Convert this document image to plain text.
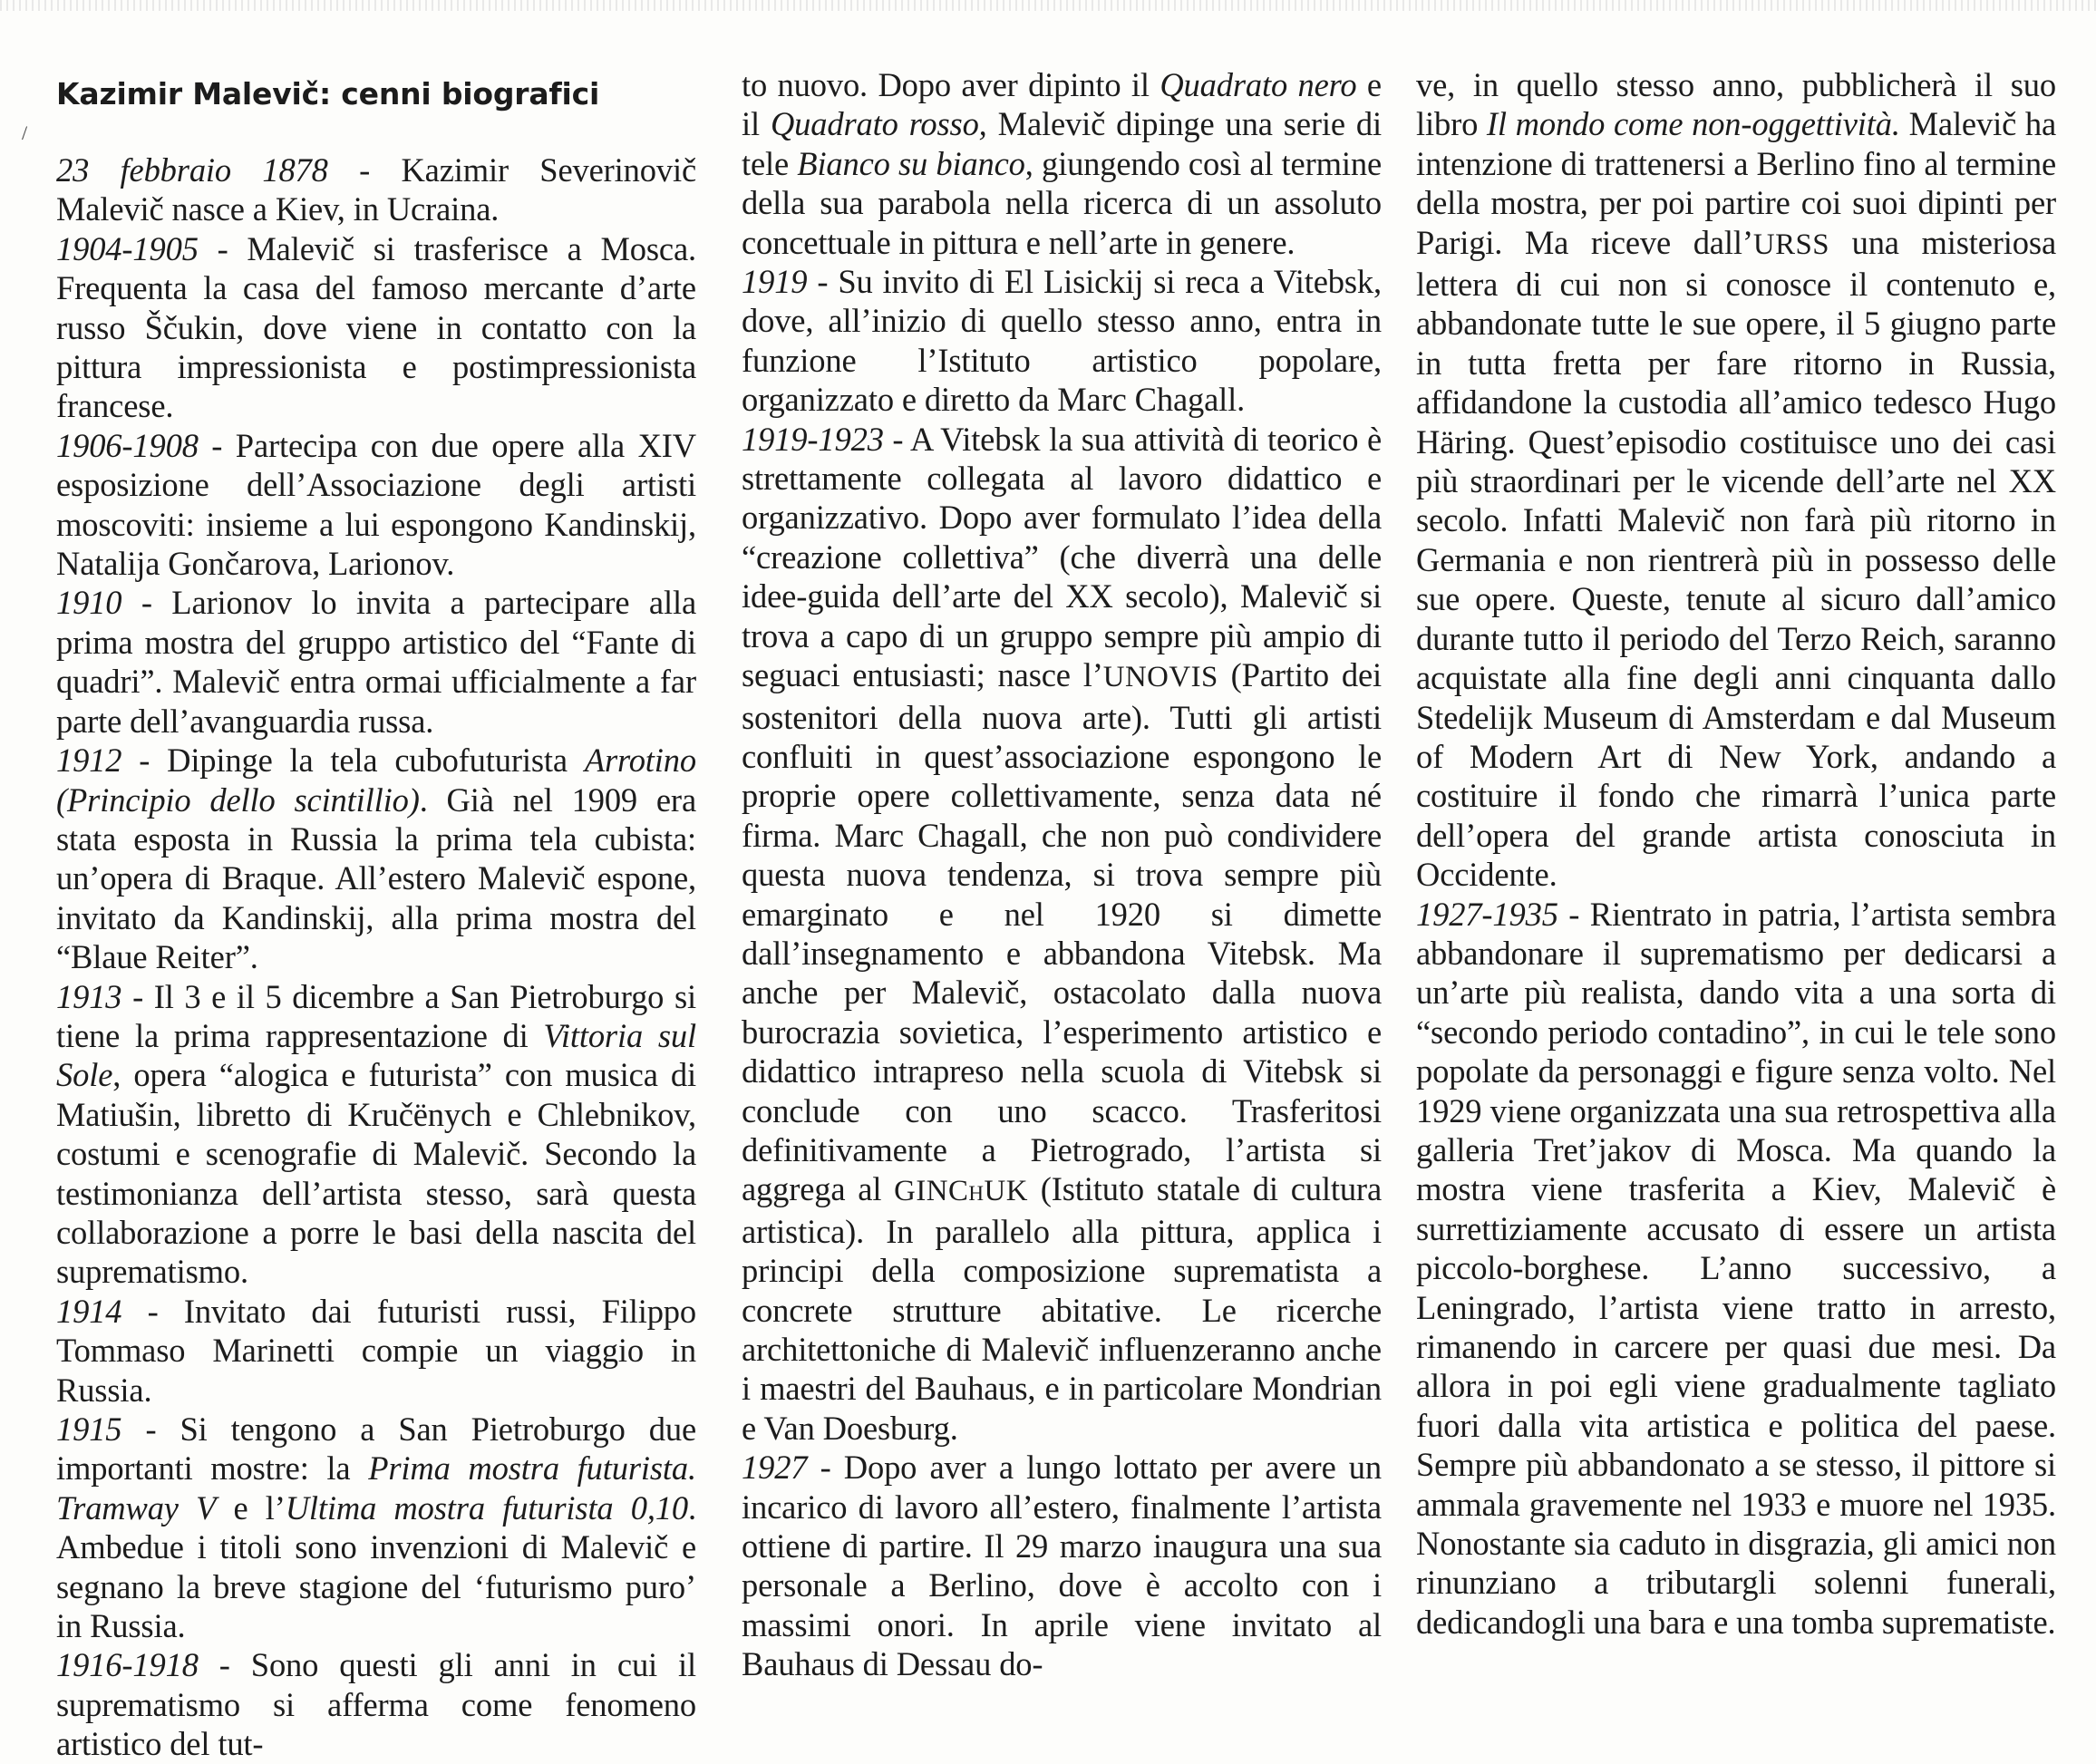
/
Kazimir Malevič: cenni biografici

23 febbraio 1878 - Kazimir Severinovič Malevič nasce a Kiev, in Ucraina.

1904-1905 - Malevič si trasferisce a Mosca. Frequenta la casa del famoso mercante d’arte russo Ščukin, dove viene in contatto con la pittura impressionista e postimpressionista francese.

1906-1908 - Partecipa con due opere alla XIV esposizione dell’Associazione degli artisti moscoviti: insieme a lui espongono Kandinskij, Natalija Gončarova, Larionov.

1910 - Larionov lo invita a partecipare alla prima mostra del gruppo artistico del “Fante di quadri”. Malevič entra ormai ufficialmente a far parte dell’avanguardia russa.

1912 - Dipinge la tela cubofuturista Arrotino (Principio dello scintillio). Già nel 1909 era stata esposta in Russia la prima tela cubista: un’opera di Braque. All’estero Malevič espone, invitato da Kandinskij, alla prima mostra del “Blaue Reiter”.

1913 - Il 3 e il 5 dicembre a San Pietroburgo si tiene la prima rappresentazione di Vittoria sul Sole, opera “alogica e futurista” con musica di Matiušin, libretto di Kručënych e Chlebnikov, costumi e scenografie di Malevič. Secondo la testimonianza dell’artista stesso, sarà questa collaborazione a porre le basi della nascita del suprematismo.

1914 - Invitato dai futuristi russi, Filippo Tommaso Marinetti compie un viaggio in Russia.

1915 - Si tengono a San Pietroburgo due importanti mostre: la Prima mostra futurista. Tramway V e l’Ultima mostra futurista 0,10. Ambedue i titoli sono invenzioni di Malevič e segnano la breve stagione del ‘futurismo puro’ in Russia.

1916-1918 - Sono questi gli anni in cui il suprematismo si afferma come fenomeno artistico del tut-

to nuovo. Dopo aver dipinto il Quadrato nero e il Quadrato rosso, Malevič dipinge una serie di tele Bianco su bianco, giungendo così al termine della sua parabola nella ricerca di un assoluto concettuale in pittura e nell’arte in genere.

1919 - Su invito di El Lisickij si reca a Vitebsk, dove, all’inizio di quello stesso anno, entra in funzione l’Istituto artistico popolare, organizzato e diretto da Marc Chagall.

1919-1923 - A Vitebsk la sua attività di teorico è strettamente collegata al lavoro didattico e organizzativo. Dopo aver formulato l’idea della “creazione collettiva” (che diverrà una delle idee-guida dell’arte del XX secolo), Malevič si trova a capo di un gruppo sempre più ampio di seguaci entusiasti; nasce l’UNOVIS (Partito dei sostenitori della nuova arte). Tutti gli artisti confluiti in quest’associazione espongono le proprie opere collettivamente, senza data né firma. Marc Chagall, che non può condividere questa nuova tendenza, si trova sempre più emarginato e nel 1920 si dimette dall’insegnamento e abbandona Vitebsk. Ma anche per Malevič, ostacolato dalla nuova burocrazia sovietica, l’esperimento artistico e didattico intrapreso nella scuola di Vitebsk si conclude con uno scacco. Trasferitosi definitivamente a Pietrogrado, l’artista si aggrega al GINChUK (Istituto statale di cultura artistica). In parallelo alla pittura, applica i principi della composizione suprematista a concrete strutture abitative. Le ricerche architettoniche di Malevič influenzeranno anche i maestri del Bauhaus, e in particolare Mondrian e Van Doesburg.

1927 - Dopo aver a lungo lottato per avere un incarico di lavoro all’estero, finalmente l’artista ottiene di partire. Il 29 marzo inaugura una sua personale a Berlino, dove è accolto con i massimi onori. In aprile viene invitato al Bauhaus di Dessau do-

ve, in quello stesso anno, pubblicherà il suo libro Il mondo come non-oggettività. Malevič ha intenzione di trattenersi a Berlino fino al termine della mostra, per poi partire coi suoi dipinti per Parigi. Ma riceve dall’URSS una misteriosa lettera di cui non si conosce il contenuto e, abbandonate tutte le sue opere, il 5 giugno parte in tutta fretta per fare ritorno in Russia, affidandone la custodia all’amico tedesco Hugo Häring. Quest’episodio costituisce uno dei casi più straordinari per le vicende dell’arte nel XX secolo. Infatti Malevič non farà più ritorno in Germania e non rientrerà più in possesso delle sue opere. Queste, tenute al sicuro dall’amico durante tutto il periodo del Terzo Reich, saranno acquistate alla fine degli anni cinquanta dallo Stedelijk Museum di Amsterdam e dal Museum of Modern Art di New York, andando a costituire il fondo che rimarrà l’unica parte dell’opera del grande artista conosciuta in Occidente.

1927-1935 - Rientrato in patria, l’artista sembra abbandonare il suprematismo per dedicarsi a un’arte più realista, dando vita a una sorta di “secondo periodo contadino”, in cui le tele sono popolate da personaggi e figure senza volto. Nel 1929 viene organizzata una sua retrospettiva alla galleria Tret’jakov di Mosca. Ma quando la mostra viene trasferita a Kiev, Malevič è surrettiziamente accusato di essere un artista piccolo-borghese. L’anno successivo, a Leningrado, l’artista viene tratto in arresto, rimanendo in carcere per quasi due mesi. Da allora in poi egli viene gradualmente tagliato fuori dalla vita artistica e politica del paese. Sempre più abbandonato a se stesso, il pittore si ammala gravemente nel 1933 e muore nel 1935. Nonostante sia caduto in disgrazia, gli amici non rinunziano a tributargli solenni funerali, dedicandogli una bara e una tomba suprematiste.
